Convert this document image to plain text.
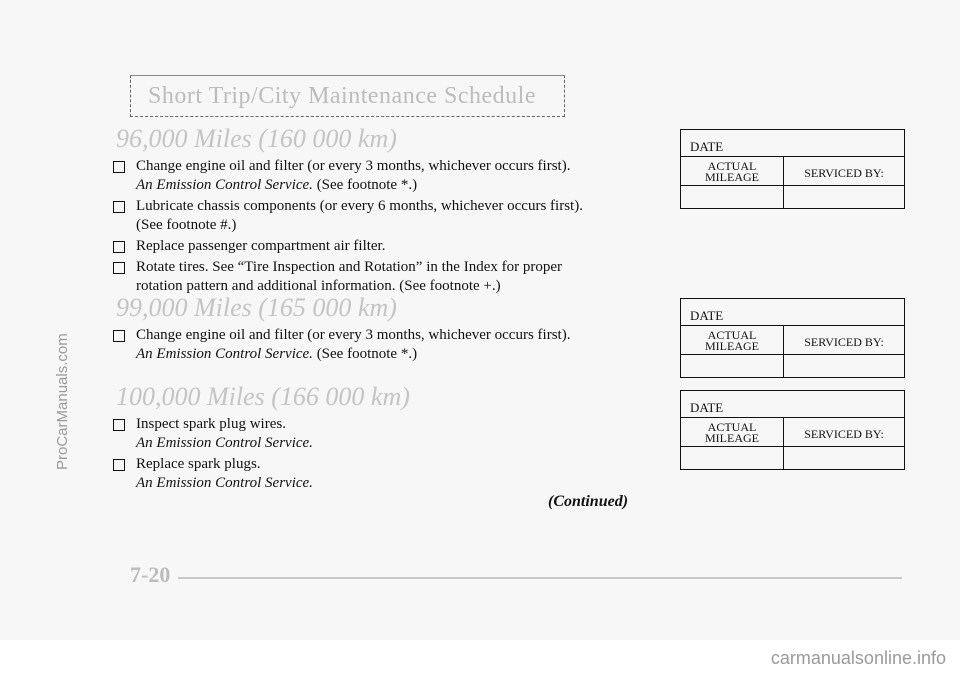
ProCarManuals.com
Short Trip/City Maintenance Schedule
96,000 Miles (160 000 km)
Change engine oil and filter (or every 3 months, whichever occurs first).
An Emission Control Service. (See footnote *.)
Lubricate chassis components (or every 6 months, whichever occurs first).
(See footnote #.)
Replace passenger compartment air filter.
Rotate tires. See “Tire Inspection and Rotation” in the Index for proper
rotation pattern and additional information. (See footnote +.)
99,000 Miles (165 000 km)
Change engine oil and filter (or every 3 months, whichever occurs first).
An Emission Control Service. (See footnote *.)
100,000 Miles (166 000 km)
Inspect spark plug wires.
An Emission Control Service.
Replace spark plugs.
An Emission Control Service.
DATE
ACTUAL
MILEAGE	SERVICED BY:
DATE
ACTUAL
MILEAGE	SERVICED BY:
DATE
ACTUAL
MILEAGE	SERVICED BY:
(Continued)
7-20
carmanualsonline.info
